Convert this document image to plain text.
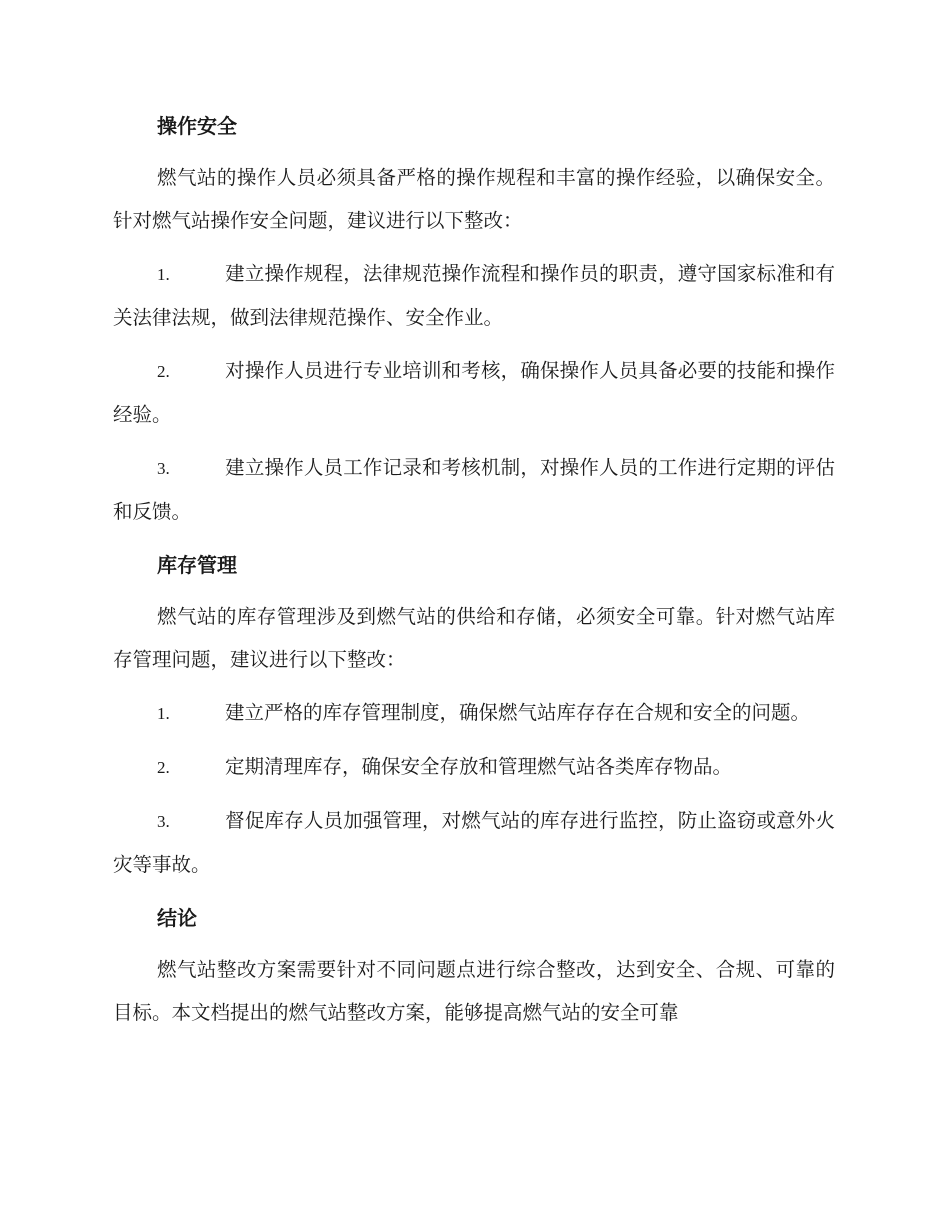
操作安全

燃气站的操作人员必须具备严格的操作规程和丰富的操作经验，以确保安全。针对燃气站操作安全问题，建议进行以下整改：

1.	建立操作规程，法律规范操作流程和操作员的职责，遵守国家标准和有关法律法规，做到法律规范操作、安全作业。

2.	对操作人员进行专业培训和考核，确保操作人员具备必要的技能和操作经验。

3.	建立操作人员工作记录和考核机制，对操作人员的工作进行定期的评估和反馈。

库存管理

燃气站的库存管理涉及到燃气站的供给和存储，必须安全可靠。针对燃气站库存管理问题，建议进行以下整改：

1.	建立严格的库存管理制度，确保燃气站库存存在合规和安全的问题。

2.	定期清理库存，确保安全存放和管理燃气站各类库存物品。

3.	督促库存人员加强管理，对燃气站的库存进行监控，防止盗窃或意外火灾等事故。

结论

燃气站整改方案需要针对不同问题点进行综合整改，达到安全、合规、可靠的目标。本文档提出的燃气站整改方案，能够提高燃气站的安全可靠
